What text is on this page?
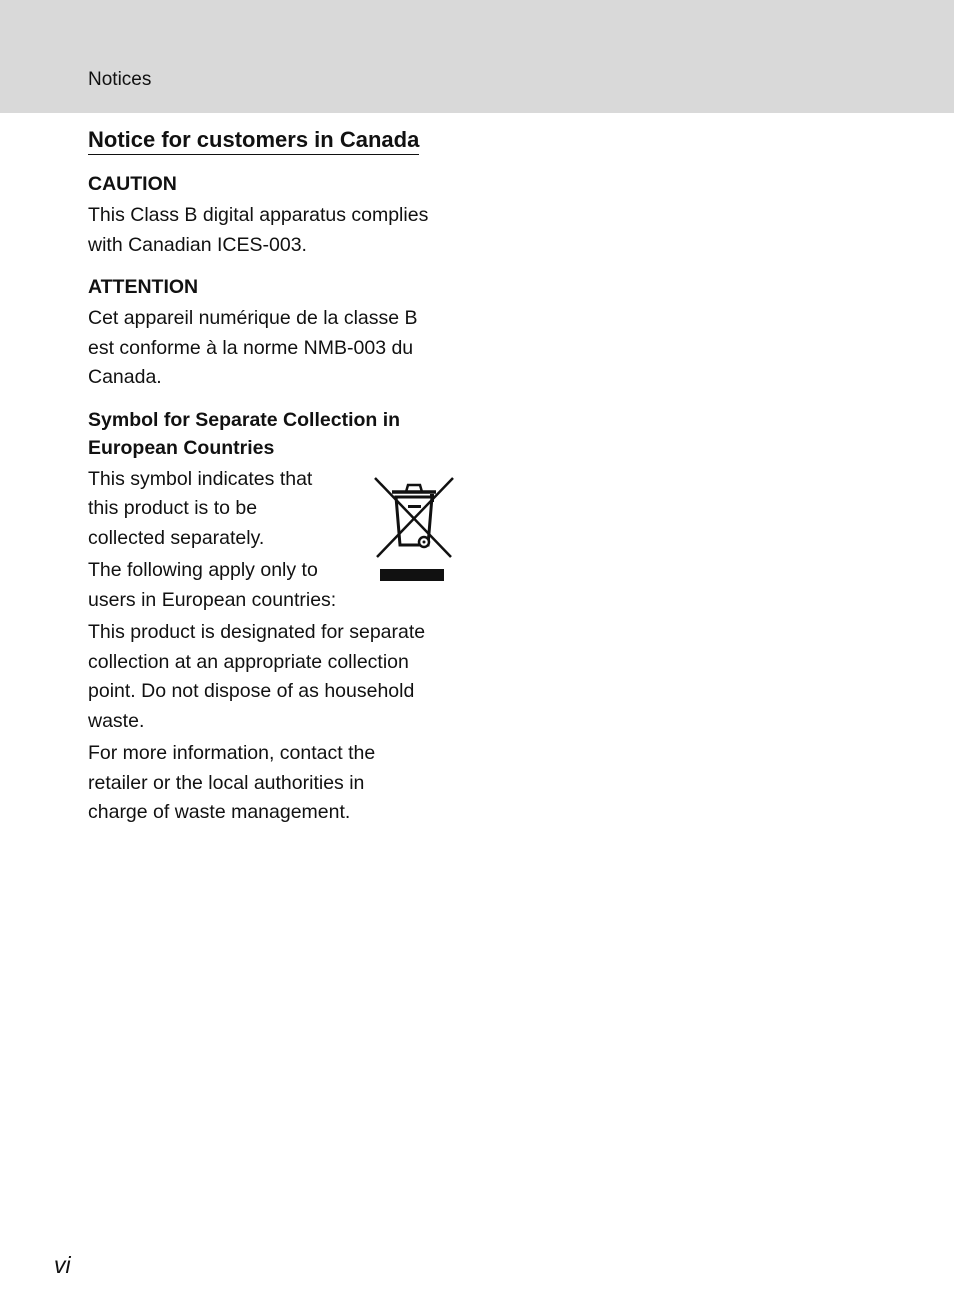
Notices
Notice for customers in Canada
CAUTION
This Class B digital apparatus complies
with Canadian ICES-003.
ATTENTION
Cet appareil numérique de la classe B
est conforme à la norme NMB-003 du
Canada.
Symbol for Separate Collection in
European Countries
This symbol indicates that
this product is to be
collected separately.
The following apply only to
users in European countries:
This product is designated for separate
collection at an appropriate collection
point. Do not dispose of as household
waste.
For more information, contact the
retailer or the local authorities in
charge of waste management.
vi
